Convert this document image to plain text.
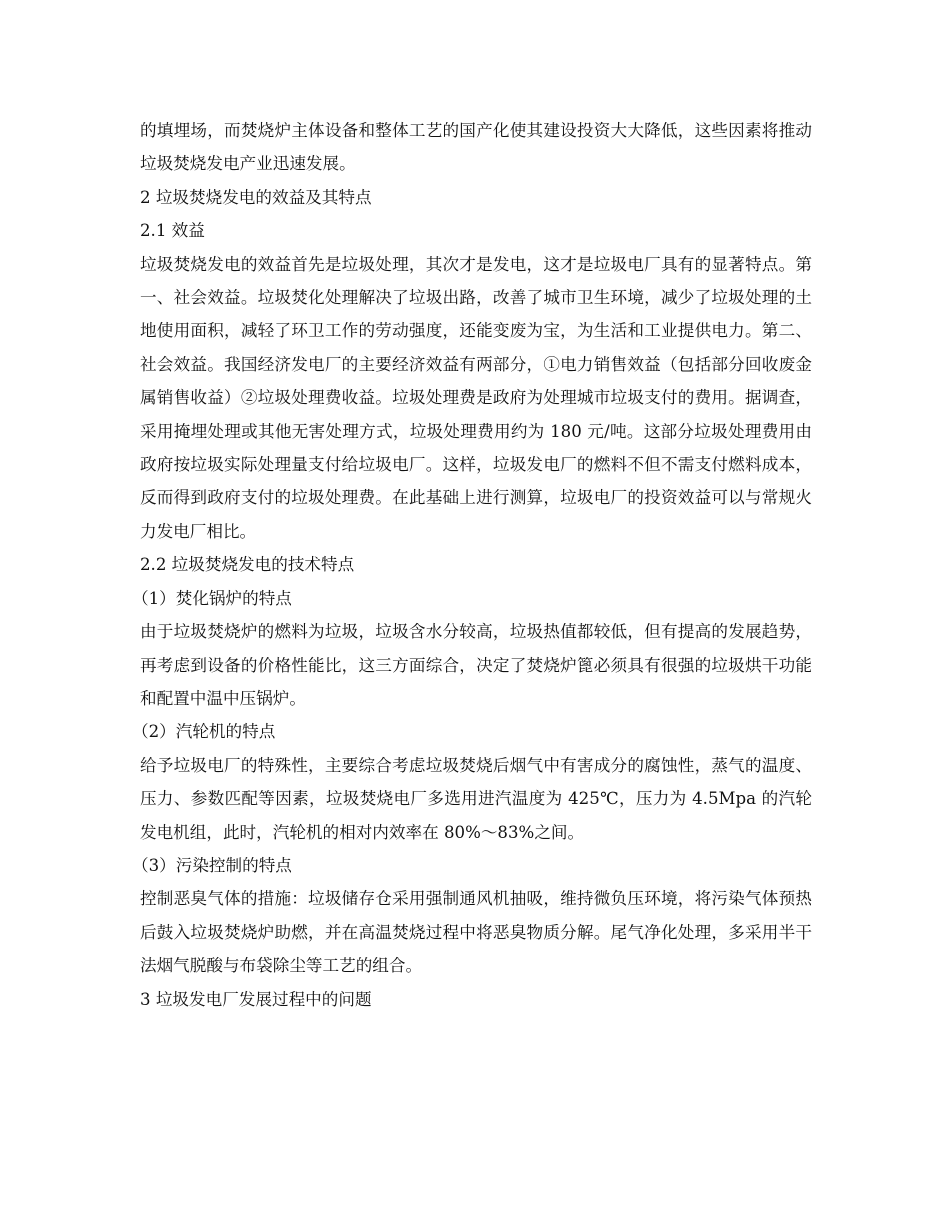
的填埋场，而焚烧炉主体设备和整体工艺的国产化使其建设投资大大降低，这些因素将推动垃圾焚烧发电产业迅速发展。

2 垃圾焚烧发电的效益及其特点

2.1 效益

垃圾焚烧发电的效益首先是垃圾处理，其次才是发电，这才是垃圾电厂具有的显著特点。第一、社会效益。垃圾焚化处理解决了垃圾出路，改善了城市卫生环境，减少了垃圾处理的土地使用面积，减轻了环卫工作的劳动强度，还能变废为宝，为生活和工业提供电力。第二、社会效益。我国经济发电厂的主要经济效益有两部分，①电力销售效益（包括部分回收废金属销售收益）②垃圾处理费收益。垃圾处理费是政府为处理城市垃圾支付的费用。据调查，采用掩埋处理或其他无害处理方式，垃圾处理费用约为 180 元/吨。这部分垃圾处理费用由政府按垃圾实际处理量支付给垃圾电厂。这样，垃圾发电厂的燃料不但不需支付燃料成本，反而得到政府支付的垃圾处理费。在此基础上进行测算，垃圾电厂的投资效益可以与常规火力发电厂相比。

2.2 垃圾焚烧发电的技术特点

（1）焚化锅炉的特点

由于垃圾焚烧炉的燃料为垃圾，垃圾含水分较高，垃圾热值都较低，但有提高的发展趋势，再考虑到设备的价格性能比，这三方面综合，决定了焚烧炉篦必须具有很强的垃圾烘干功能和配置中温中压锅炉。

（2）汽轮机的特点

给予垃圾电厂的特殊性，主要综合考虑垃圾焚烧后烟气中有害成分的腐蚀性，蒸气的温度、压力、参数匹配等因素，垃圾焚烧电厂多选用进汽温度为 425℃，压力为 4.5Mpa 的汽轮发电机组，此时，汽轮机的相对内效率在 80%～83%之间。

（3）污染控制的特点

控制恶臭气体的措施：垃圾储存仓采用强制通风机抽吸，维持微负压环境，将污染气体预热后鼓入垃圾焚烧炉助燃，并在高温焚烧过程中将恶臭物质分解。尾气净化处理，多采用半干法烟气脱酸与布袋除尘等工艺的组合。

3 垃圾发电厂发展过程中的问题
